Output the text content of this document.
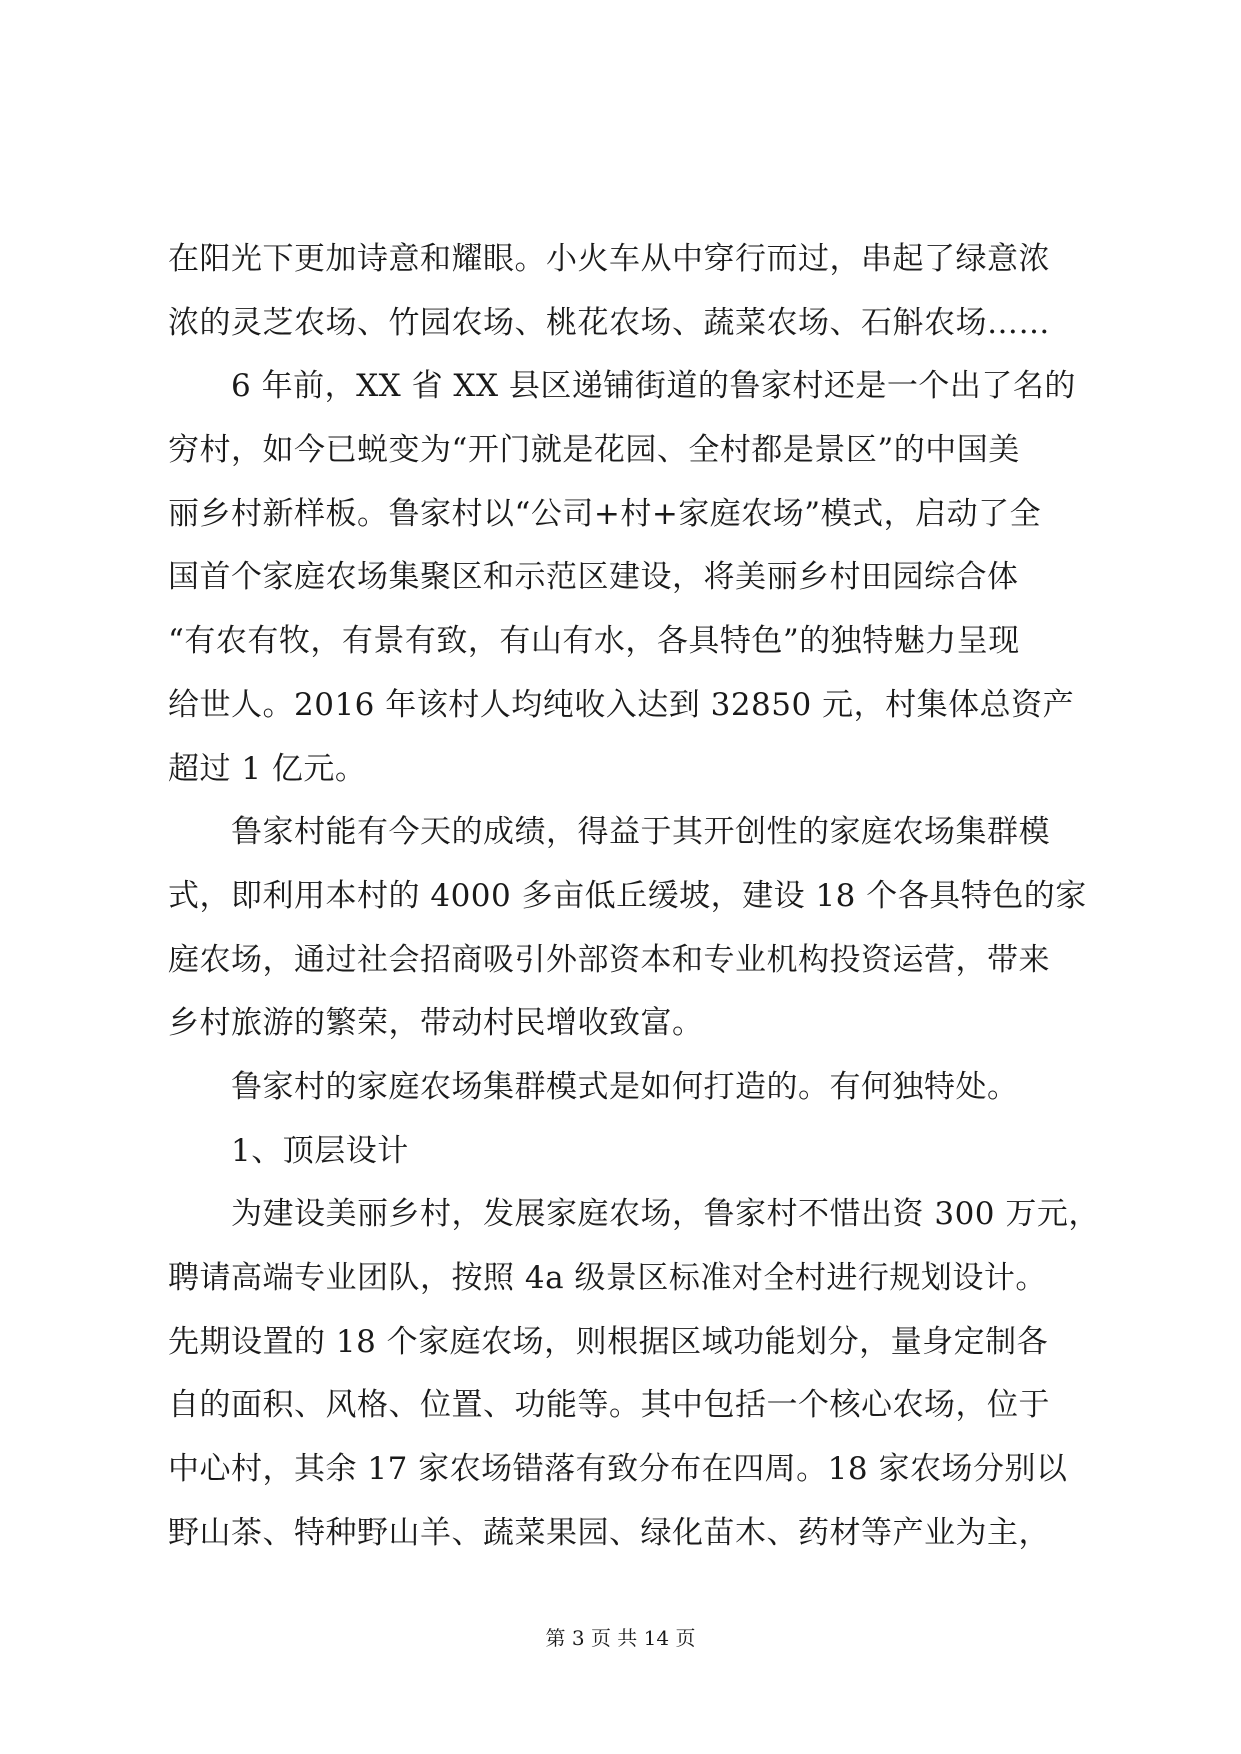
在阳光下更加诗意和耀眼。小火车从中穿行而过，串起了绿意浓
浓的灵芝农场、竹园农场、桃花农场、蔬菜农场、石斛农场……
6 年前，XX 省 XX 县区递铺街道的鲁家村还是一个出了名的
穷村，如今已蜕变为“开门就是花园、全村都是景区”的中国美
丽乡村新样板。鲁家村以“公司+村+家庭农场”模式，启动了全
国首个家庭农场集聚区和示范区建设，将美丽乡村田园综合体
“有农有牧，有景有致，有山有水，各具特色”的独特魅力呈现
给世人。2016 年该村人均纯收入达到 32850 元，村集体总资产
超过 1 亿元。
鲁家村能有今天的成绩，得益于其开创性的家庭农场集群模
式，即利用本村的 4000 多亩低丘缓坡，建设 18 个各具特色的家
庭农场，通过社会招商吸引外部资本和专业机构投资运营，带来
乡村旅游的繁荣，带动村民增收致富。
鲁家村的家庭农场集群模式是如何打造的。有何独特处。
1、顶层设计
为建设美丽乡村，发展家庭农场，鲁家村不惜出资 300 万元，
聘请高端专业团队，按照 4a 级景区标准对全村进行规划设计。
先期设置的 18 个家庭农场，则根据区域功能划分，量身定制各
自的面积、风格、位置、功能等。其中包括一个核心农场，位于
中心村，其余 17 家农场错落有致分布在四周。18 家农场分别以
野山茶、特种野山羊、蔬菜果园、绿化苗木、药材等产业为主，
第 3 页 共 14 页
